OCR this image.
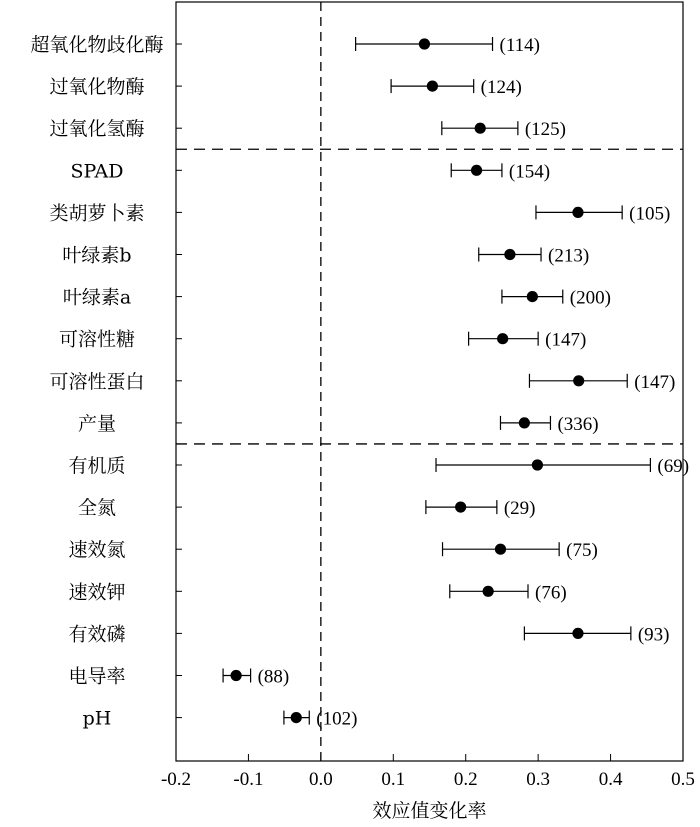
超氧化物歧化酶	(114)
过氧化物酶	(124)
过氧化氢酶	(125)
SPAD	(154)
类胡萝卜素	(105)
叶绿素b	(213)
叶绿素a	(200)
可溶性糖	(147)
可溶性蛋白	(147)
产量	(336)
有机质	(69)
全氮	(29)
速效氮	(75)
速效钾	(76)
有效磷	(93)
电导率	(88)
pH	(102)
-0.2 -0.1 0.0	0.1	0.2	0.3	0.4	0.5
效应值变化率
